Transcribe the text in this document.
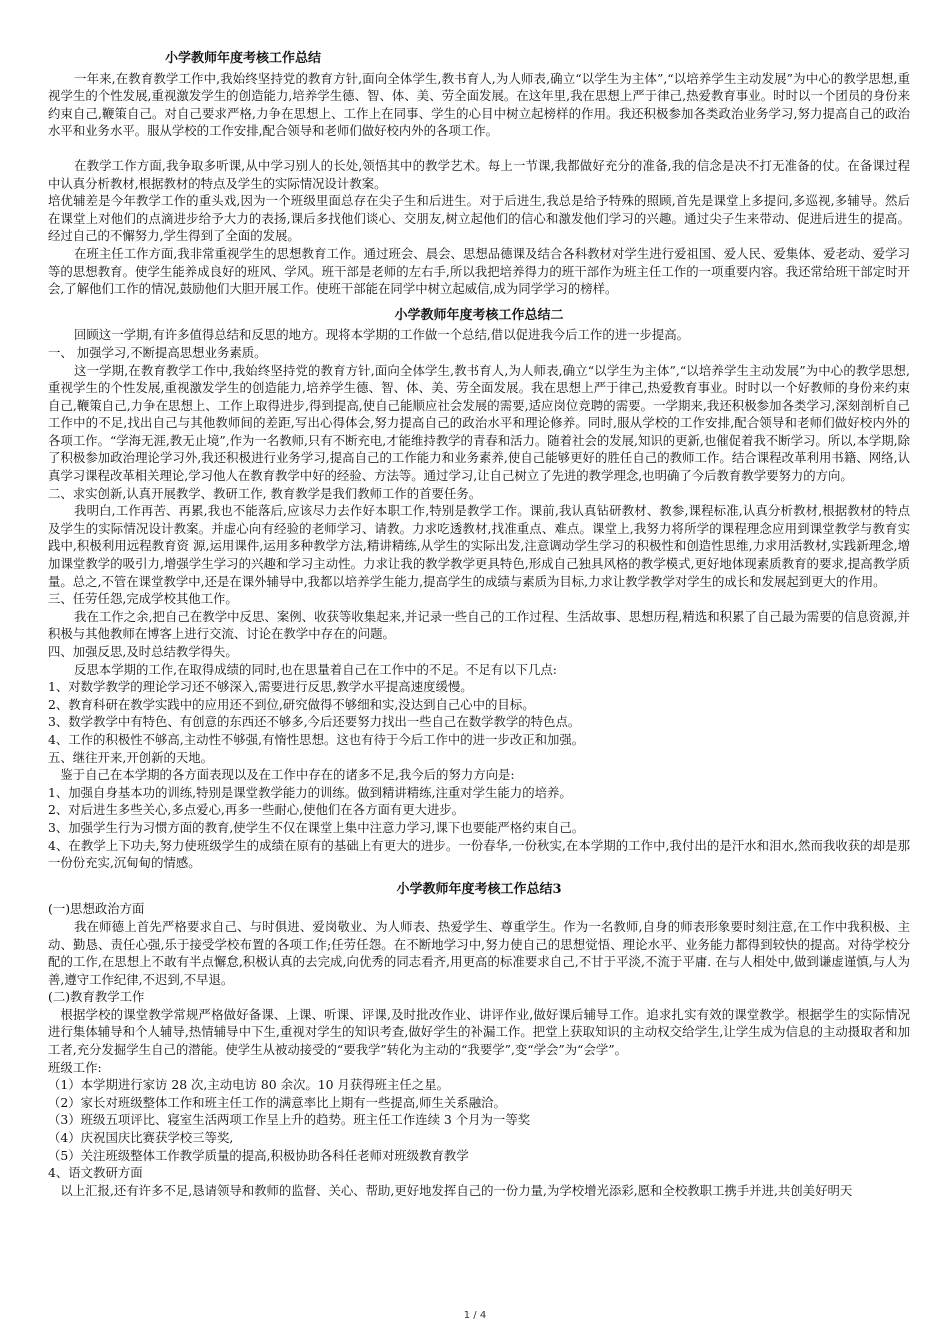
小学教师年度考核工作总结

一年来,在教育教学工作中,我始终坚持党的教育方针,面向全体学生,教书育人,为人师表,确立“以学生为主体”,“以培养学生主动发展”为中心的教学思想,重视学生的个性发展,重视激发学生的创造能力,培养学生德、智、体、美、劳全面发展。在这年里,我在思想上严于律己,热爱教育事业。时时以一个团员的身份来约束自己,鞭策自己。对自己要求严格,力争在思想上、工作上在同事、学生的心目中树立起榜样的作用。我还积极参加各类政治业务学习,努力提高自己的政治水平和业务水平。服从学校的工作安排,配合领导和老师们做好校内外的各项工作。

在教学工作方面,我争取多听课,从中学习别人的长处,领悟其中的教学艺术。每上一节课,我都做好充分的准备,我的信念是决不打无准备的仗。在备课过程中认真分析教材,根据教材的特点及学生的实际情况设计教案。

培优辅差是今年教学工作的重头戏,因为一个班级里面总存在尖子生和后进生。对于后进生,我总是给予特殊的照顾,首先是课堂上多提问,多巡视,多辅导。然后在课堂上对他们的点滴进步给予大力的表扬,课后多找他们谈心、交朋友,树立起他们的信心和激发他们学习的兴趣。通过尖子生来带动、促进后进生的提高。经过自己的不懈努力,学生得到了全面的发展。

在班主任工作方面,我非常重视学生的思想教育工作。通过班会、晨会、思想品德课及结合各科教材对学生进行爱祖国、爱人民、爱集体、爱老动、爱学习等的思想教育。使学生能养成良好的班风、学风。班干部是老师的左右手,所以我把培养得力的班干部作为班主任工作的一项重要内容。我还常给班干部定时开会,了解他们工作的情况,鼓励他们大胆开展工作。使班干部能在同学中树立起威信,成为同学学习的榜样。

小学教师年度考核工作总结二

回顾这一学期,有许多值得总结和反思的地方。现将本学期的工作做一个总结,借以促进我今后工作的进一步提高。

一、 加强学习,不断提高思想业务素质。

这一学期,在教育教学工作中,我始终坚持党的教育方针,面向全体学生,教书育人,为人师表,确立“以学生为主体”,“以培养学生主动发展”为中心的教学思想,重视学生的个性发展,重视激发学生的创造能力,培养学生德、智、体、美、劳全面发展。我在思想上严于律己,热爱教育事业。时时以一个好教师的身份来约束自己,鞭策自己,力争在思想上、工作上取得进步,得到提高,使自己能顺应社会发展的需要,适应岗位竞聘的需要。一学期来,我还积极参加各类学习,深刻剖析自己工作中的不足,找出自己与其他教师间的差距,写出心得体会,努力提高自己的政治水平和理论修养。同时,服从学校的工作安排,配合领导和老师们做好校内外的各项工作。“学海无涯,教无止境”,作为一名教师,只有不断充电,才能维持教学的青春和活力。随着社会的发展,知识的更新,也催促着我不断学习。所以,本学期,除了积极参加政治理论学习外,我还积极进行业务学习,提高自己的工作能力和业务素养,使自己能够更好的胜任自己的教师工作。结合课程改革利用书籍、网络,认真学习课程改革相关理论,学习他人在教育教学中好的经验、方法等。通过学习,让自己树立了先进的教学理念,也明确了今后教育教学要努力的方向。

二、求实创新,认真开展教学、教研工作, 教育教学是我们教师工作的首要任务。

我明白,工作再苦、再累,我也不能落后,应该尽力去作好本职工作,特别是教学工作。课前,我认真钻研教材、教参,课程标准,认真分析教材,根据教材的特点及学生的实际情况设计教案。并虚心向有经验的老师学习、请教。力求吃透教材,找准重点、难点。课堂上,我努力将所学的课程理念应用到课堂教学与教育实践中,积极利用远程教育资 源,运用课件,运用多种教学方法,精讲精练,从学生的实际出发,注意调动学生学习的积极性和创造性思维,力求用活教材,实践新理念,增加课堂教学的吸引力,增强学生学习的兴趣和学习主动性。力求让我的教学教学更具特色,形成自己独具风格的教学模式,更好地体现素质教育的要求,提高教学质量。总之,不管在课堂教学中,还是在课外辅导中,我都以培养学生能力,提高学生的成绩与素质为目标,力求让教学教学对学生的成长和发展起到更大的作用。

三、任劳任怨,完成学校其他工作。

我在工作之余,把自己在教学中反思、案例、收获等收集起来,并记录一些自己的工作过程、生活故事、思想历程,精选和积累了自己最为需要的信息资源,并积极与其他教师在博客上进行交流、讨论在教学中存在的问题。

四、加强反思,及时总结教学得失。

反思本学期的工作,在取得成绩的同时,也在思量着自己在工作中的不足。不足有以下几点:

1、对数学教学的理论学习还不够深入,需要进行反思,教学水平提高速度缓慢。

2、教育科研在教学实践中的应用还不到位,研究做得不够细和实,没达到自己心中的目标。

3、数学教学中有特色、有创意的东西还不够多,今后还要努力找出一些自己在数学教学的特色点。

4、工作的积极性不够高,主动性不够强,有惰性思想。这也有待于今后工作中的进一步改正和加强。

五、继往开来,开创新的天地。

鉴于自己在本学期的各方面表现以及在工作中存在的诸多不足,我今后的努力方向是:

1、加强自身基本功的训练,特别是课堂教学能力的训练。做到精讲精练,注重对学生能力的培养。

2、对后进生多些关心,多点爱心,再多一些耐心,使他们在各方面有更大进步。

3、加强学生行为习惯方面的教育,使学生不仅在课堂上集中注意力学习,课下也要能严格约束自己。

4、在教学上下功夫,努力使班级学生的成绩在原有的基础上有更大的进步。一份春华,一份秋实,在本学期的工作中,我付出的是汗水和泪水,然而我收获的却是那一份份充实,沉甸甸的情感。

小学教师年度考核工作总结3

(一)思想政治方面

我在师德上首先严格要求自己、与时俱进、爱岗敬业、为人师表、热爱学生、尊重学生。作为一名教师,自身的师表形象要时刻注意,在工作中我积极、主动、勤恳、责任心强,乐于接受学校布置的各项工作;任劳任怨。在不断地学习中,努力使自己的思想觉悟、理论水平、业务能力都得到较快的提高。对待学校分配的工作,在思想上不敢有半点懈怠,积极认真的去完成,向优秀的同志看齐,用更高的标准要求自己,不甘于平淡,不流于平庸. 在与人相处中,做到谦虚谨慎,与人为善,遵守工作纪律,不迟到,不早退。

(二)教育教学工作

根据学校的课堂教学常规严格做好备课、上课、听课、评课,及时批改作业、讲评作业,做好课后辅导工作。追求扎实有效的课堂教学。根据学生的实际情况进行集体辅导和个人辅导,热情辅导中下生,重视对学生的知识考查,做好学生的补漏工作。把堂上获取知识的主动权交给学生,让学生成为信息的主动摄取者和加工者,充分发掘学生自己的潜能。使学生从被动接受的“要我学”转化为主动的“我要学”,变“学会”为“会学”。

班级工作:

（1）本学期进行家访 28 次,主动电访 80 余次。10 月获得班主任之星。

（2）家长对班级整体工作和班主任工作的满意率比上期有一些提高,师生关系融洽。

（3）班级五项评比、寝室生活两项工作呈上升的趋势。班主任工作连续 3 个月为一等奖

（4）庆祝国庆比赛获学校三等奖,

（5）关注班级整体工作教学质量的提高,积极协助各科任老师对班级教育教学

4、语文教研方面

以上汇报,还有许多不足,恳请领导和教师的监督、关心、帮助,更好地发挥自己的一份力量,为学校增光添彩,愿和全校教职工携手并进,共创美好明天

1 / 4
